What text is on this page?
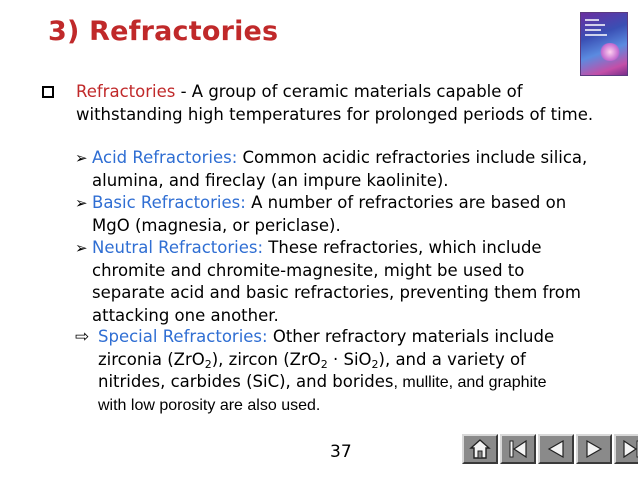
3) Refractories
Refractories - A group of ceramic materials capable of withstanding high temperatures for prolonged periods of time.
➢ Acid Refractories: Common acidic refractories include silica, alumina, and fireclay (an impure kaolinite).
➢ Basic Refractories: A number of refractories are based on MgO (magnesia, or periclase).
➢ Neutral Refractories: These refractories, which include chromite and chromite-magnesite, might be used to separate acid and basic refractories, preventing them from attacking one another.
⇨ Special Refractories: Other refractory materials include
zirconia (ZrO$_2$), zircon (ZrO$_2$ · SiO$_2$), and a variety of
nitrides, carbides (SiC), and borides, mullite, and graphite
with low porosity are also used.
37
